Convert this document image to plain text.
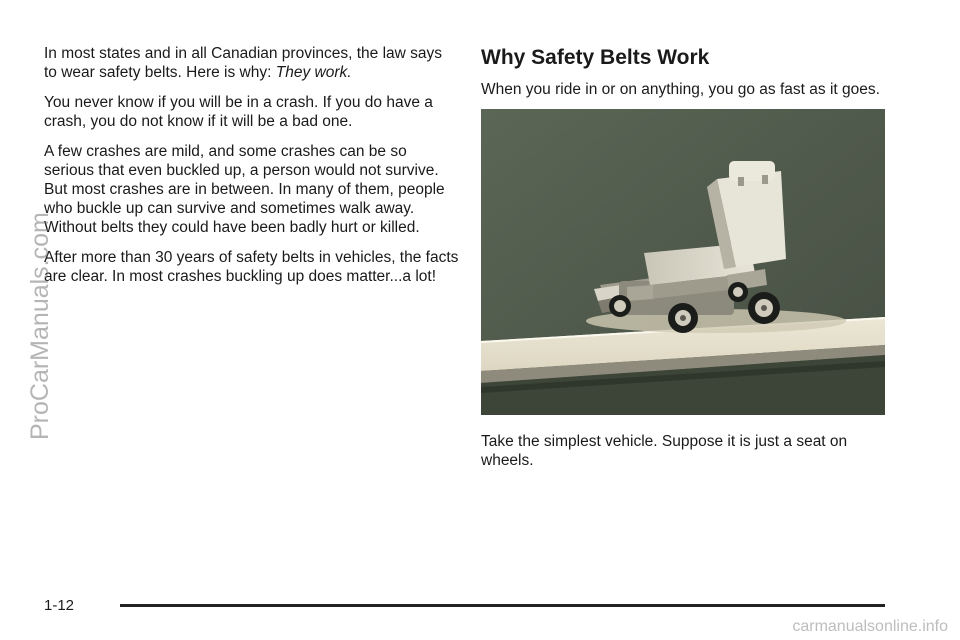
In most states and in all Canadian provinces, the law says to wear safety belts. Here is why: They work.

You never know if you will be in a crash. If you do have a crash, you do not know if it will be a bad one.

A few crashes are mild, and some crashes can be so serious that even buckled up, a person would not survive. But most crashes are in between. In many of them, people who buckle up can survive and sometimes walk away. Without belts they could have been badly hurt or killed.

After more than 30 years of safety belts in vehicles, the facts are clear. In most crashes buckling up does matter...a lot!

Why Safety Belts Work

When you ride in or on anything, you go as fast as it goes.

Take the simplest vehicle. Suppose it is just a seat on wheels.

1-12
carmanualsonline.info
ProCarManuals.com
